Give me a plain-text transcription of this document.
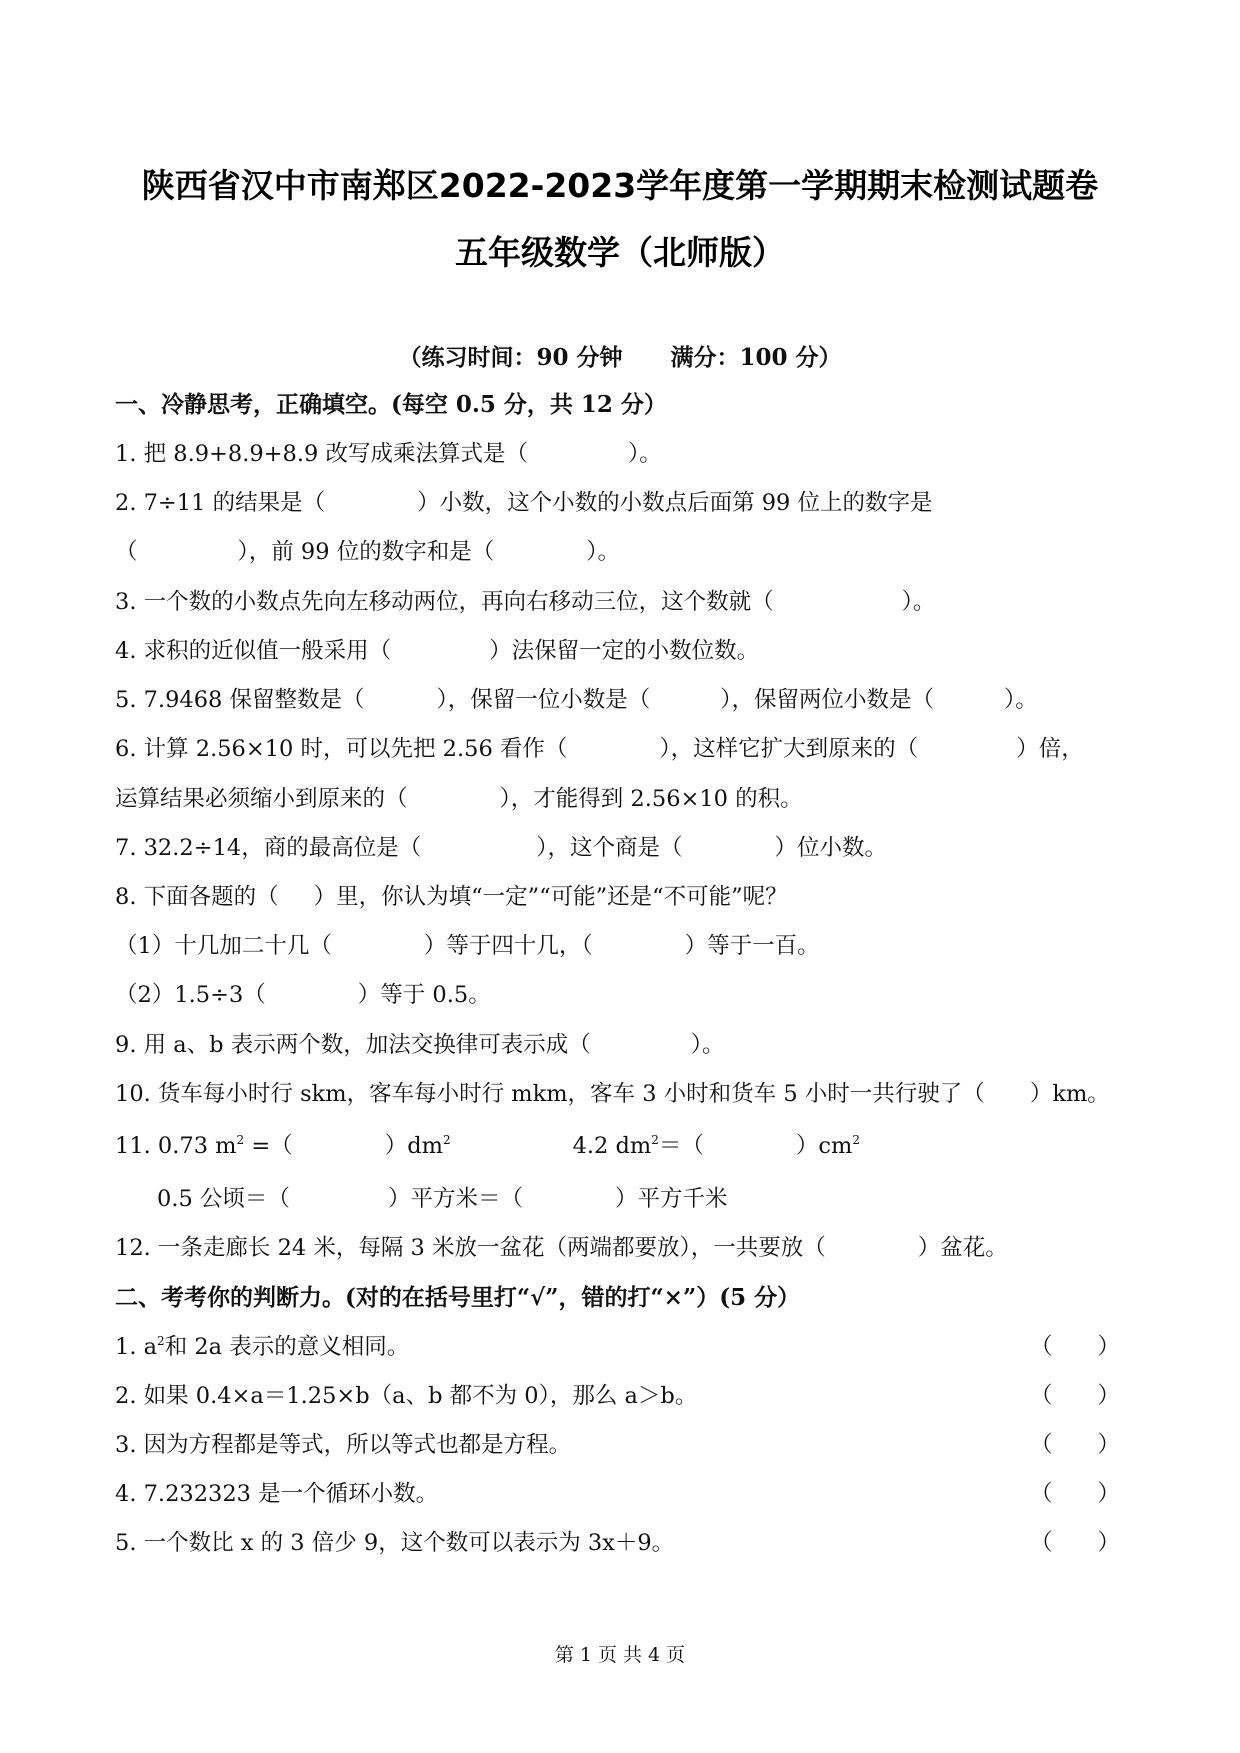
陕西省汉中市南郑区2022-2023学年度第一学期期末检测试题卷
五年级数学（北师版）
（练习时间：90 分钟 满分：100 分）
一、冷静思考，正确填空。(每空 0.5 分，共 12 分）
1. 把 8.9+8.9+8.9 改写成乘法算式是（	）。
2. 7÷11 的结果是（	）小数，这个小数的小数点后面第 99 位上的数字是
（	），前 99 位的数字和是（	）。
3. 一个数的小数点先向左移动两位，再向右移动三位，这个数就（	）。
4. 求积的近似值一般采用（	）法保留一定的小数位数。
5. 7.9468 保留整数是（	），保留一位小数是（	），保留两位小数是（	）。
6. 计算 2.56×10 时，可以先把 2.56 看作（	），这样它扩大到原来的（	）倍，
运算结果必须缩小到原来的（	），才能得到 2.56×10 的积。
7. 32.2÷14，商的最高位是（	），这个商是（	）位小数。
8. 下面各题的（ ）里，你认为填“一定”“可能”还是“不可能”呢？
（1）十几加二十几（	）等于四十几，（	）等于一百。
（2）1.5÷3（	）等于 0.5。
9. 用 a、b 表示两个数，加法交换律可表示成（	）。
10. 货车每小时行 skm，客车每小时行 mkm，客车 3 小时和货车 5 小时一共行驶了（ ）km。
11. 0.73 $m^2$ =（	）$dm^2$	4.2 $dm^2=$（	）$cm^2$
0.5 公顷＝（	）平方米＝（	）平方千米
12. 一条走廊长 24 米，每隔 3 米放一盆花（两端都要放），一共要放（	）盆花。
二、考考你的判断力。(对的在括号里打“√”，错的打“×”）(5 分）
1. $a^2$和 2a 表示的意义相同。	（　　）
2. 如果 0.4×a＝1.25×b（a、b 都不为 0），那么 a＞b。	（　　）
3. 因为方程都是等式，所以等式也都是方程。	（　　）
4. 7.232323 是一个循环小数。	（　　）
5. 一个数比 x 的 3 倍少 9，这个数可以表示为 3x＋9。	（　　）
第 1 页 共 4 页
